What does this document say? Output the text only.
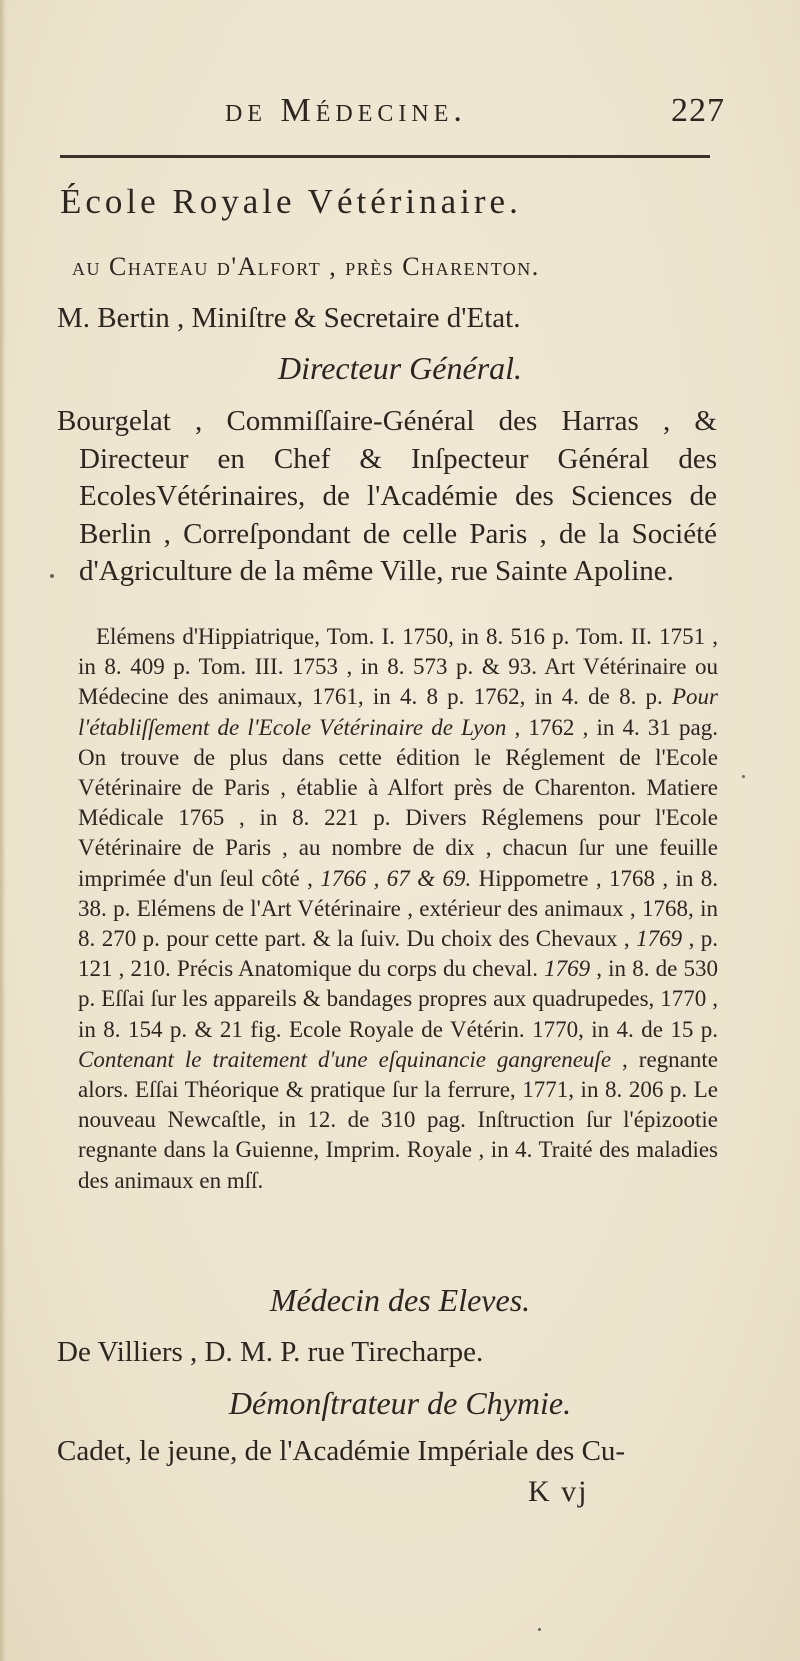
de Médecine.	227
École Royale Vétérinaire.
au Chateau d'Alfort , près Charenton.
M. Bertin , Miniſtre & Secretaire d'Etat.
Directeur Général.
Bourgelat , Commiſſaire-Général des Harras , & Directeur en Chef & Inſpecteur Général des EcolesVétérinaires, de l'Académie des Sciences de Berlin , Correſpondant de celle Paris , de la Société d'Agriculture de la même Ville, rue Sainte Apoline.

Elémens d'Hippiatrique, Tom. I. 1750, in 8. 516 p. Tom. II. 1751 , in 8. 409 p. Tom. III. 1753 , in 8. 573 p. & 93. Art Vétérinaire ou Médecine des animaux, 1761, in 4. 8 p. 1762, in 4. de 8. p. Pour l'établiſſement de l'Ecole Vétérinaire de Lyon , 1762 , in 4. 31 pag. On trouve de plus dans cette édition le Réglement de l'Ecole Vétérinaire de Paris , établie à Alfort près de Charenton. Matiere Médicale 1765 , in 8. 221 p. Divers Réglemens pour l'Ecole Vétérinaire de Paris , au nombre de dix , chacun ſur une feuille imprimée d'un ſeul côté , 1766 , 67 & 69. Hippometre , 1768 , in 8. 38. p. Elémens de l'Art Vétérinaire , extérieur des animaux , 1768, in 8. 270 p. pour cette part. & la ſuiv. Du choix des Chevaux , 1769 , p. 121 , 210. Précis Anatomique du corps du cheval. 1769 , in 8. de 530 p. Eſſai ſur les appareils & bandages propres aux quadrupedes, 1770 , in 8. 154 p. & 21 fig. Ecole Royale de Vétérin. 1770, in 4. de 15 p. Contenant le traitement d'une eſquinancie gangreneuſe , regnante alors. Eſſai Théorique & pratique ſur la ferrure, 1771, in 8. 206 p. Le nouveau Newcaſtle, in 12. de 310 pag. Inſtruction ſur l'épizootie regnante dans la Guienne, Imprim. Royale , in 4. Traité des maladies des animaux en mſſ.

Médecin des Eleves.
De Villiers , D. M. P. rue Tirecharpe.
Démonſtrateur de Chymie.
Cadet, le jeune, de l'Académie Impériale des Cu-
K vj
